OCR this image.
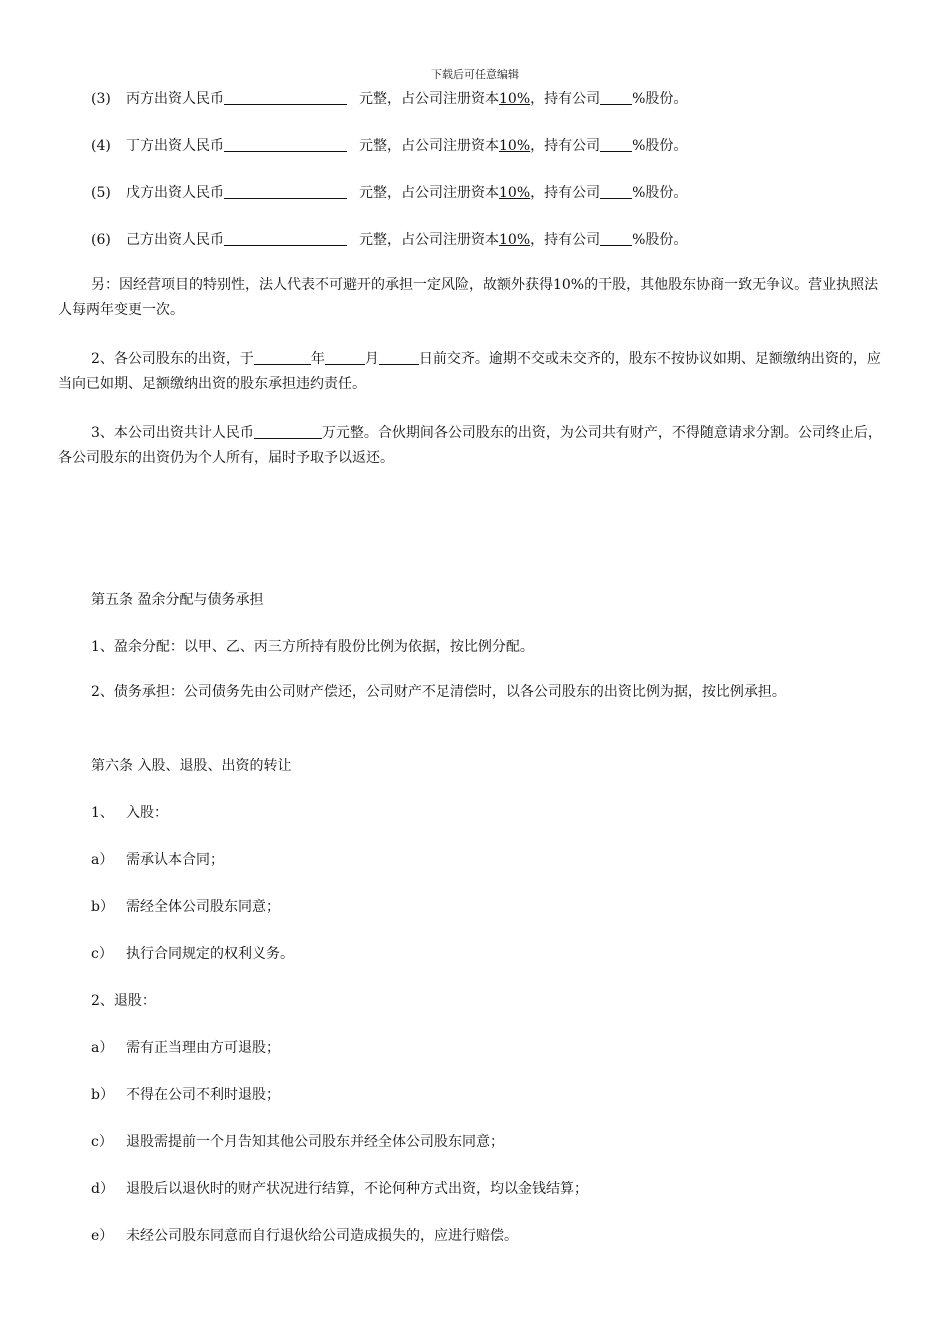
下载后可任意编辑
(3) 丙方出资人民币	元整，占公司注册资本10%，持有公司 %股份。
(4) 丁方出资人民币	元整，占公司注册资本10%，持有公司 %股份。
(5) 戊方出资人民币	元整，占公司注册资本10%，持有公司 %股份。
(6) 己方出资人民币	元整，占公司注册资本10%，持有公司 %股份。
另：因经营项目的特别性，法人代表不可避开的承担一定风险，故额外获得10%的干股，其他股东协商一致无争议。营业执照法人每两年变更一次。
2、各公司股东的出资，于	年	月	日前交齐。逾期不交或未交齐的，股东不按协议如期、足额缴纳出资的，应当向已如期、足额缴纳出资的股东承担违约责任。
3、本公司出资共计人民币	万元整。合伙期间各公司股东的出资，为公司共有财产，不得随意请求分割。公司终止后，各公司股东的出资仍为个人所有，届时予取予以返还。
第五条 盈余分配与债务承担
1、盈余分配：以甲、乙、丙三方所持有股份比例为依据，按比例分配。
2、债务承担：公司债务先由公司财产偿还，公司财产不足清偿时，以各公司股东的出资比例为据，按比例承担。
第六条 入股、退股、出资的转让
1、 入股：
a） 需承认本合同；
b） 需经全体公司股东同意；
c） 执行合同规定的权利义务。
2、退股：
a） 需有正当理由方可退股；
b） 不得在公司不利时退股；
c） 退股需提前一个月告知其他公司股东并经全体公司股东同意；
d） 退股后以退伙时的财产状况进行结算，不论何种方式出资，均以金钱结算；
e） 未经公司股东同意而自行退伙给公司造成损失的，应进行赔偿。
